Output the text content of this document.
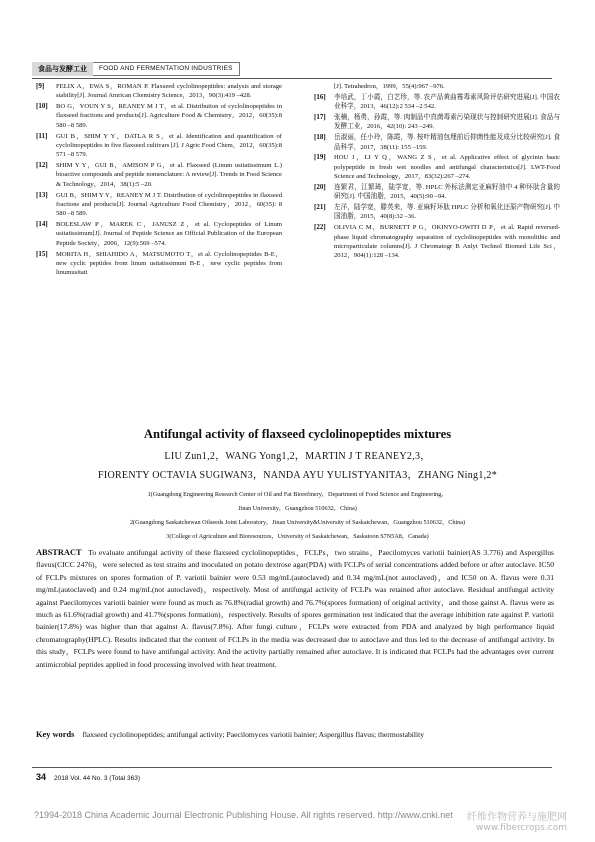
食品与发酵工业	FOOD AND FERMENTATION INDUSTRIES
[9]	FELIX A，EWA S，ROMAN P. Flaxseed cyclolinopeptides: analysis and storage stability[J]. Journal Amrican Chemistry Science，2013，90(3):419 –428.
[10]	BO G，YOUN Y S，REANEY M J T，et al. Distribution of cyclolinopeptides in flaxseed fractions and products[J]. Agriculture Food & Chemistry，2012，60(35):8 580 –8 589.
[11]	GUI B，SHIM Y Y，DATLA R S，et al. Identification and quantification of cyclolinopeptides in five flaxseed cultivars [J]. J Agric Food Chem，2012，60(35):8 571 –8 579.
[12]	SHIM Y Y，GUI B，AMISON P G，et al. Flaxseed (Linum usitatissimum L.) bioactive compounds and peptide nomenclature: A review[J]. Trends in Food Science & Technology，2014，38(1):5 –20.
[13]	GUI B，SHIM Y Y，REANEY M J T. Distribution of cyclolinopeptides in flaxseed fractions and products[J]. Journal Agriculture Food Chemistry，2012，60(35): 8 580 –8 589.
[14]	BOLESLAW P，MAREK C，JANUSZ Z，et al. Cyclopeptides of Linum usitatissimum[J]. Journal of Peptide Science an Official Publication of the European Peptide Society，2006，12(9):569 –574.
[15]	MORITA H，SHIAHIDO A，MATSUMOTO T，et al. Cyclolinopeptides B-E，new cyclic peptides from linum usitatissimum B-E，new cyclic peptides from linumusitati
[J]. Tetrahedron，1999，55(4):967 –976.
[16]	李培武，丁小霞，白艺珍，等. 农产品黄曲霉毒素风险评估研究进展[J]. 中国农业科学，2013，46(12):2 534 –2 542.
[17]	张楠，杨勇，孙霞，等. 肉制品中真菌毒素污染现状与控制研究进展[J]. 食品与发酵工业，2016，42(10): 243 –249.
[18]	岳淑丽，任小玲，陈霞，等. 桉叶精油包埋前后抑菌性能及成分比较研究[J]. 食品科学，2017，38(11): 155 –159.
[19]	HOU J，LI Y Q，WANG Z S，et al. Applicative effect of glycinin basic polypeptide in fresh wet noodles and antifungal characteristics[J]. LWT-Food Science and Technology，2017，83(32):267 –274.
[20]	连繁君，江繁琦，陆学宽，等. HPLC 外标法测定亚麻籽油中 4 种环肽含量的研究[J]. 中国油脂，2015，40(5):90 –94.
[21]	左洋，陆学宽，滕英来，等. 亚麻籽环肽 HPLC 分析和氧化还原产物研究[J]. 中国油脂，2015，40(8):32 –36.
[22]	OLIVIA C M，BURNETT P G，OKINYO-OWITI D P，et al. Rapid reversed-phase liquid chromatography separation of cyclolinopeptides with monolithic and microparticulate columns[J]. J Chromatogr B Anlyt Technol Biomed Life Sci，2012，904(1):128 –134.
Antifungal activity of flaxseed cyclolinopeptides mixtures
LIU Zun1,2，WANG Yong1,2，MARTIN J T REANEY2,3，
FIORENTY OCTAVIA SUGIWAN3，NANDA AYU YULISTYANITA3，ZHANG Ning1,2*
1(Guangdong Engineering Research Center of Oil and Fat Biorefinery，Department of Food Science and Engineering，
Jinan University，Guangzhou 510632，China)
2(Guangdong Saskatchewan Oilseeds Joint Laboratory，Jinan University&University of Saskatchewan，Guangzhou 510632，China)
3(College of Agriculture and Bioresources，University of Saskatchewan，Saskatoon S7N5A8，Canada)
ABSTRACT To evaluate antifungal activity of these flaxseed cyclolinopeptides，FCLPs，two strains，Paecilomyces variotii bainier(AS 3.776) and Aspergillus flavus(CICC 2476)，were selected as test strains and inoculated on potato dextrose agar(PDA) with FCLPs of serial concentrations added before or after autoclave. IC50 of FCLPs mixtures on spores formation of P. variotii bainier were 0.53 mg/mL(autoclaved) and 0.34 mg/mL(not autoclaved)，and IC50 on A. flavus were 0.31 mg/mL(autoclaved) and 0.24 mg/mL(not autoclaved)，respectively. Most of antifungal activity of FCLPs was retained after autoclave. Residual antifungal activity against Paecilomyces variotii bainier were found as much as 76.8%(radial growth) and 76.7%(spores formation) of original activity，and those gainst A. flavus were as much as 61.6%(radial growth) and 41.7%(spores formation)，respectively. Results of spores germination test indicated that the average inhibition rate against P. variotii bainier(17.8%) was higher than that against A. flavus(7.8%). After fungi culture，FCLPs were extracted from PDA and analyzed by high performance liquid chromatography(HPLC). Results indicated that the content of FCLPs in the media was decreased due to autoclave and thus led to the decrease of antifungal activity. In this study，FCLPs were found to have antifungal activity. And the activity partially remained after autoclave. It is indicated that FCLPs had the advantages over current antimicrobial peptides applied in food processing involved with heat treatment.
Key words flaxseed cyclolinopeptides; antifungal activity; Paecilomyces variotii bainier; Aspergillus flavus; thermostability
34 2018 Vol. 44 No. 3 (Total 363)
?1994-2018 China Academic Journal Electronic Publishing House. All rights reserved. http://www.cnki.net 纤维作物营养与施肥网
www.fibercrops.com
